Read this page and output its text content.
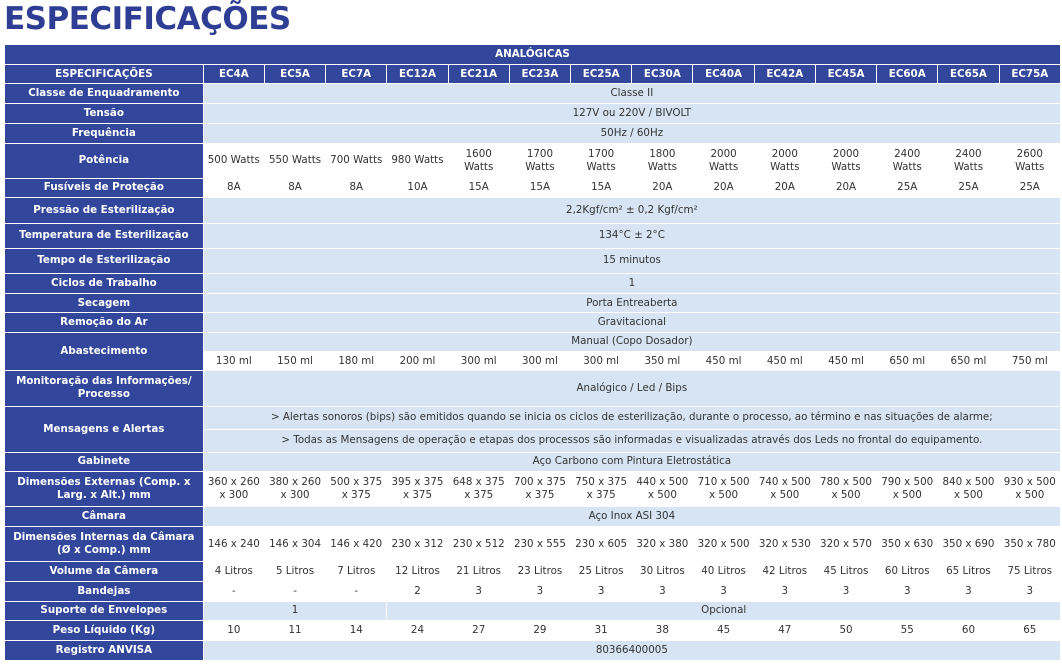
ESPECIFICAÇÕES
ANALÓGICAS														
ESPECIFICAÇÕES	EC4A	EC5A	EC7A	EC12A	EC21A	EC23A	EC25A	EC30A	EC40A	EC42A	EC45A	EC60A	EC65A	EC75A
Classe de Enquadramento	Classe II													
Tensão	127V ou 220V / BIVOLT													
Frequência	50Hz / 60Hz													
Potência	500 Watts	550 Watts	700 Watts	980 Watts	1600 Watts	1700 Watts	1700 Watts	1800 Watts	2000 Watts	2000 Watts	2000 Watts	2400 Watts	2400 Watts	2600 Watts
Fusíveis de Proteção	8A	8A	8A	10A	15A	15A	15A	20A	20A	20A	20A	25A	25A	25A
Pressão de Esterilização	2,2Kgf/cm² ± 0,2 Kgf/cm²													
Temperatura de Esterilização	134°C ± 2°C													
Tempo de Esterilização	15 minutos													
Ciclos de Trabalho	1													
Secagem	Porta Entreaberta													
Remoção do Ar	Gravitacional													
Abastecimento	Manual (Copo Dosador)													
	130 ml	150 ml	180 ml	200 ml	300 ml	300 ml	300 ml	350 ml	450 ml	450 ml	450 ml	650 ml	650 ml	750 ml
Monitoração das Informações/ Processo	Analógico / Led / Bips													
Mensagens e Alertas	> Alertas sonoros (bips) são emitidos quando se inicia os ciclos de esterilização, durante o processo, ao término e nas situações de alarme;													
	> Todas as Mensagens de operação e etapas dos processos são informadas e visualizadas através dos Leds no frontal do equipamento.													
Gabinete	Aço Carbono com Pintura Eletrostática													
Dimensões Externas (Comp. x Larg. x Alt.) mm	360 x 260 x 300	380 x 260 x 300	500 x 375 x 375	395 x 375 x 375	648 x 375 x 375	700 x 375 x 375	750 x 375 x 375	440 x 500 x 500	710 x 500 x 500	740 x 500 x 500	780 x 500 x 500	790 x 500 x 500	840 x 500 x 500	930 x 500 x 500
Câmara	Aço Inox ASI 304													
Dimensões Internas da Câmara (Ø x Comp.) mm	146 x 240	146 x 304	146 x 420	230 x 312	230 x 512	230 x 555	230 x 605	320 x 380	320 x 500	320 x 530	320 x 570	350 x 630	350 x 690	350 x 780
Volume da Câmera	4 Litros	5 Litros	7 Litros	12 Litros	21 Litros	23 Litros	25 Litros	30 Litros	40 Litros	42 Litros	45 Litros	60 Litros	65 Litros	75 Litros
Bandejas	-	-	-	2	3	3	3	3	3	3	3	3	3	3
Suporte de Envelopes	1			Opcional										
Peso Líquido (Kg)	10	11	14	24	27	29	31	38	45	47	50	55	60	65
Registro ANVISA	80366400005													
